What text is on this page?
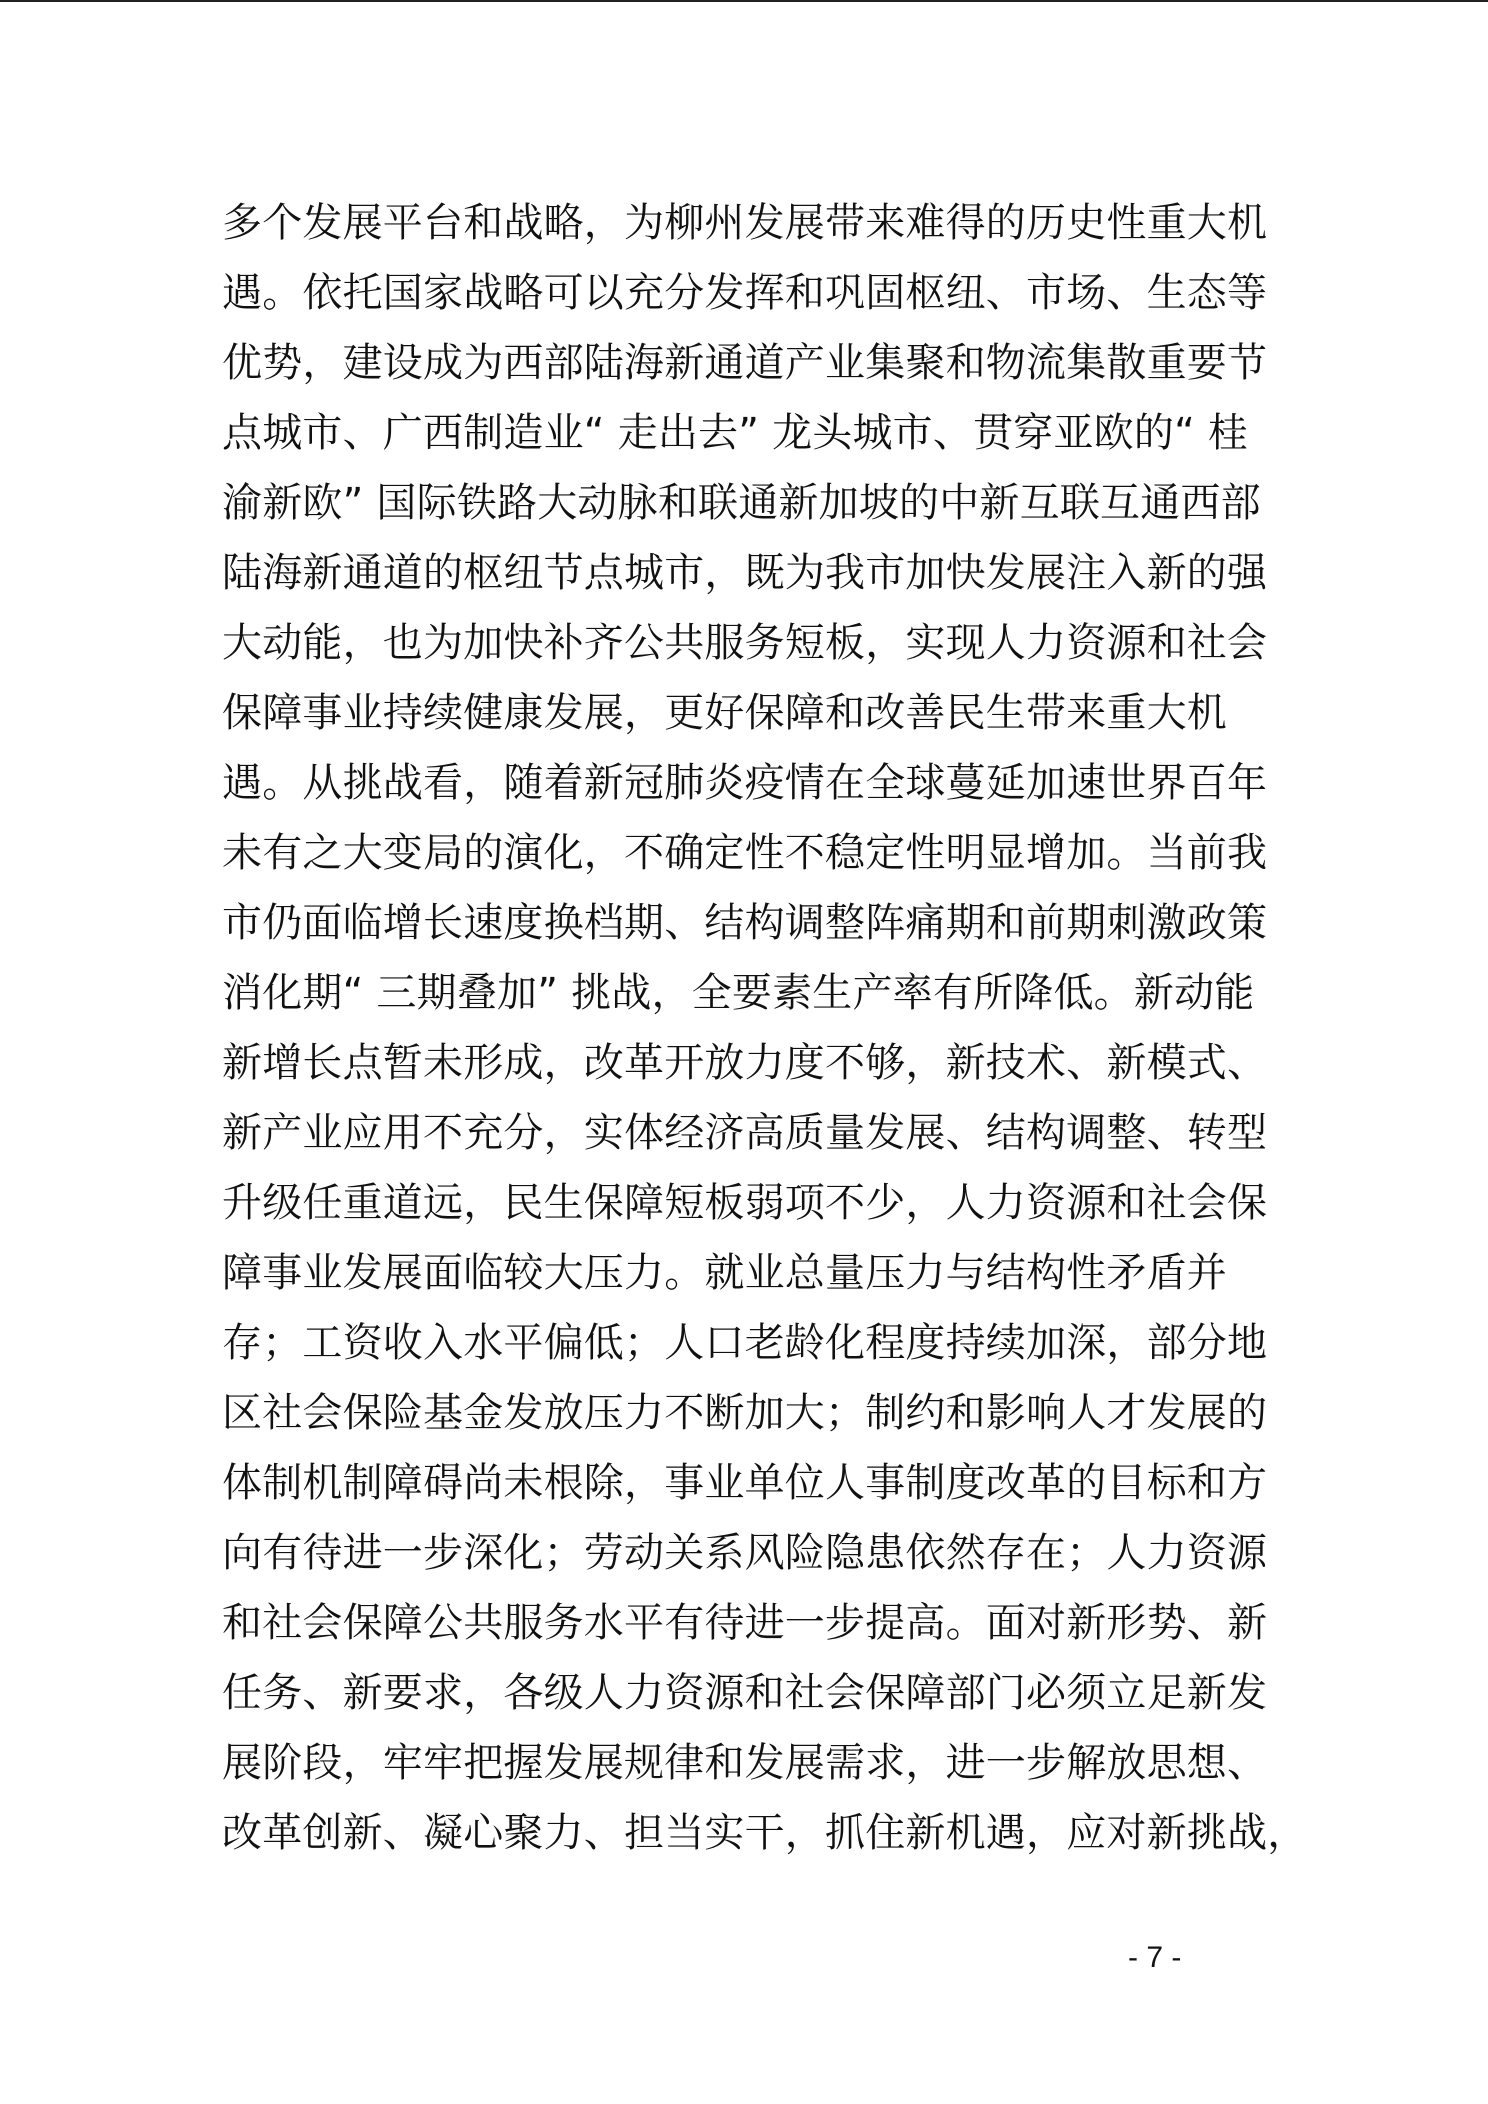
多个发展平台和战略，为柳州发展带来难得的历史性重大机
遇。依托国家战略可以充分发挥和巩固枢纽、市场、生态等
优势，建设成为西部陆海新通道产业集聚和物流集散重要节
点城市、广西制造业“ 走出去” 龙头城市、贯穿亚欧的“ 桂
渝新欧” 国际铁路大动脉和联通新加坡的中新互联互通西部
陆海新通道的枢纽节点城市，既为我市加快发展注入新的强
大动能，也为加快补齐公共服务短板，实现人力资源和社会
保障事业持续健康发展，更好保障和改善民生带来重大机
遇。从挑战看，随着新冠肺炎疫情在全球蔓延加速世界百年
未有之大变局的演化，不确定性不稳定性明显增加。当前我
市仍面临增长速度换档期、结构调整阵痛期和前期刺激政策
消化期“ 三期叠加” 挑战，全要素生产率有所降低。新动能
新增长点暂未形成，改革开放力度不够，新技术、新模式、
新产业应用不充分，实体经济高质量发展、结构调整、转型
升级任重道远，民生保障短板弱项不少，人力资源和社会保
障事业发展面临较大压力。就业总量压力与结构性矛盾并
存；工资收入水平偏低；人口老龄化程度持续加深，部分地
区社会保险基金发放压力不断加大；制约和影响人才发展的
体制机制障碍尚未根除，事业单位人事制度改革的目标和方
向有待进一步深化；劳动关系风险隐患依然存在；人力资源
和社会保障公共服务水平有待进一步提高。面对新形势、新
任务、新要求，各级人力资源和社会保障部门必须立足新发
展阶段，牢牢把握发展规律和发展需求，进一步解放思想、
改革创新、凝心聚力、担当实干，抓住新机遇，应对新挑战，
- 7 -
